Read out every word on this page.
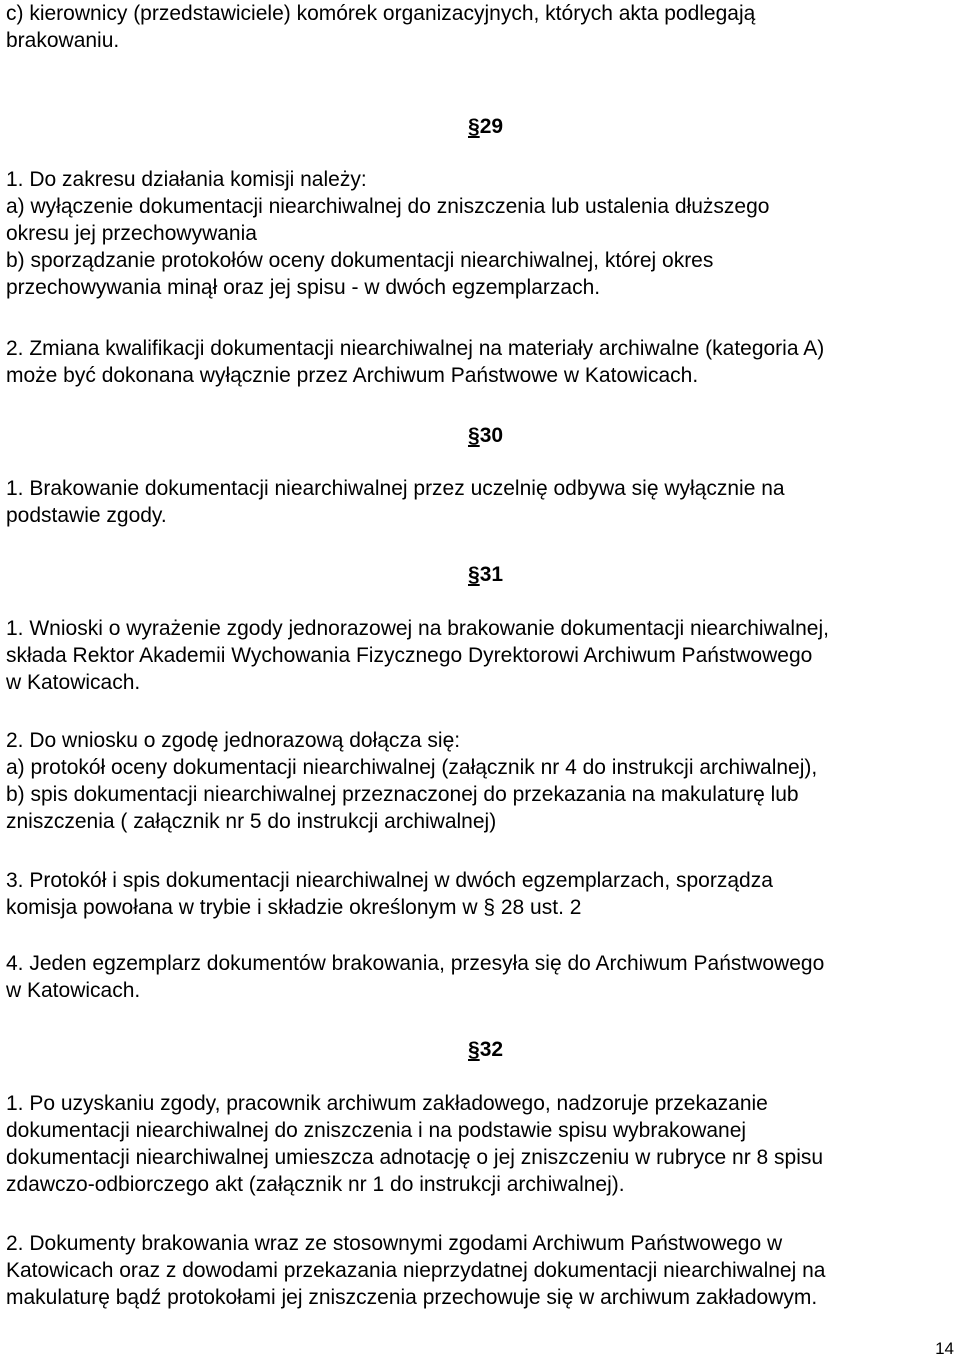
c) kierownicy (przedstawiciele) komórek organizacyjnych, których akta podlegają

brakowaniu.

§29

1. Do zakresu działania komisji należy:

a) wyłączenie dokumentacji niearchiwalnej do zniszczenia lub ustalenia dłuższego

okresu jej przechowywania

b) sporządzanie protokołów oceny dokumentacji niearchiwalnej, której okres

przechowywania minął oraz jej spisu - w dwóch egzemplarzach.

2. Zmiana kwalifikacji dokumentacji niearchiwalnej na materiały archiwalne (kategoria A)

może być dokonana wyłącznie przez Archiwum Państwowe w Katowicach.

§30

1. Brakowanie dokumentacji niearchiwalnej przez uczelnię odbywa się wyłącznie na

podstawie zgody.

§31

1. Wnioski o wyrażenie zgody jednorazowej na brakowanie dokumentacji niearchiwalnej,

składa Rektor Akademii Wychowania Fizycznego Dyrektorowi Archiwum Państwowego

w Katowicach.

2. Do wniosku o zgodę jednorazową dołącza się:

a) protokół oceny dokumentacji niearchiwalnej (załącznik nr 4 do instrukcji archiwalnej),

b) spis dokumentacji niearchiwalnej przeznaczonej do przekazania na makulaturę lub

zniszczenia ( załącznik nr 5 do instrukcji archiwalnej)

3. Protokół i spis dokumentacji niearchiwalnej w dwóch egzemplarzach, sporządza

komisja powołana w trybie i składzie określonym w § 28 ust. 2

4. Jeden egzemplarz dokumentów brakowania, przesyła się do Archiwum Państwowego

w Katowicach.

§32

1. Po uzyskaniu zgody, pracownik archiwum zakładowego, nadzoruje przekazanie

dokumentacji niearchiwalnej do zniszczenia i na podstawie spisu wybrakowanej

dokumentacji niearchiwalnej umieszcza adnotację o jej zniszczeniu w rubryce nr 8 spisu

zdawczo-odbiorczego akt (załącznik nr 1 do instrukcji archiwalnej).

2. Dokumenty brakowania wraz ze stosownymi zgodami Archiwum Państwowego w

Katowicach oraz z dowodami przekazania nieprzydatnej dokumentacji niearchiwalnej na

makulaturę bądź protokołami jej zniszczenia przechowuje się w archiwum zakładowym.

14
